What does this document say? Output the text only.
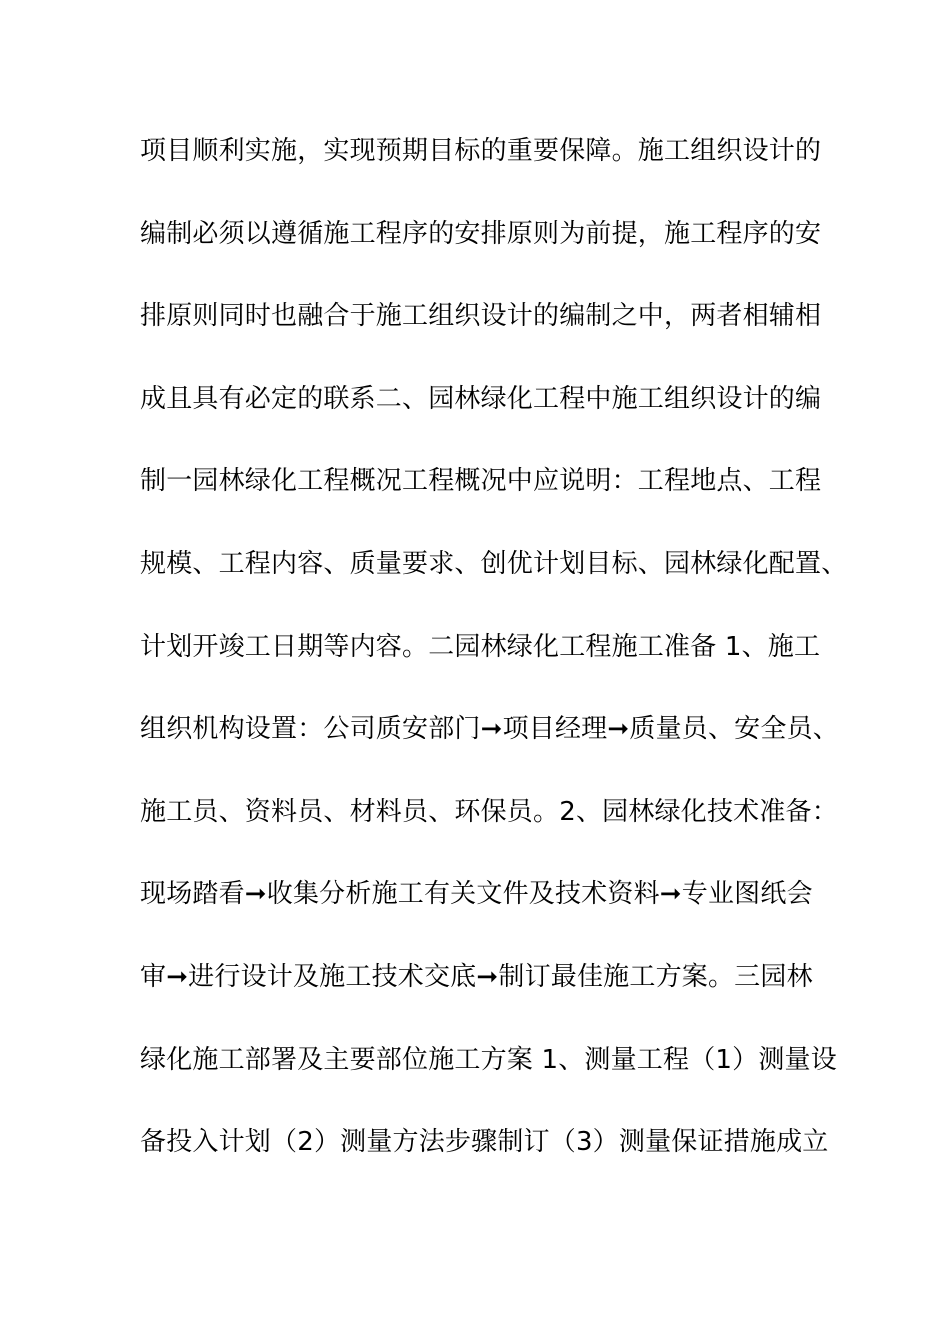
项目顺利实施，实现预期目标的重要保障。施工组织设计的
编制必须以遵循施工程序的安排原则为前提，施工程序的安
排原则同时也融合于施工组织设计的编制之中，两者相辅相
成且具有必定的联系二、园林绿化工程中施工组织设计的编
制一园林绿化工程概况工程概况中应说明：工程地点、工程
规模、工程内容、质量要求、创优计划目标、园林绿化配置、
计划开竣工日期等内容。二园林绿化工程施工准备 1、施工
组织机构设置：公司质安部门➞项目经理➞质量员、安全员、
施工员、资料员、材料员、环保员。2、园林绿化技术准备：
现场踏看➞收集分析施工有关文件及技术资料➞专业图纸会
审➞进行设计及施工技术交底➞制订最佳施工方案。三园林
绿化施工部署及主要部位施工方案 1、测量工程（1）测量设
备投入计划（2）测量方法步骤制订（3）测量保证措施成立
